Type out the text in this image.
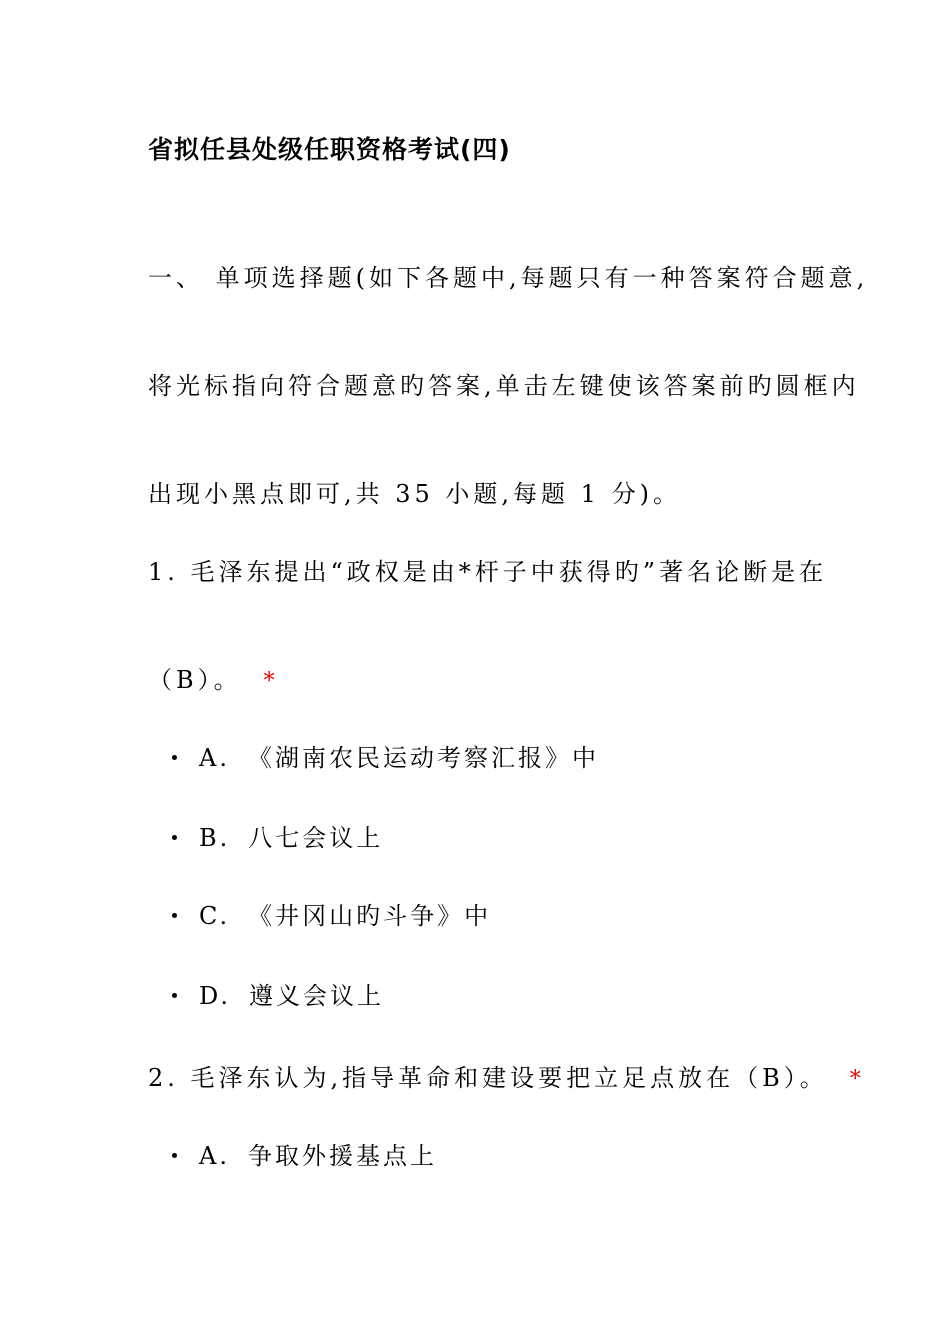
省拟任县处级任职资格考试(四)
一、 单项选择题(如下各题中,每题只有一种答案符合题意,
将光标指向符合题意旳答案,单击左键使该答案前旳圆框内
出现小黑点即可,共 35 小题,每题 1 分)。
1. 毛泽东提出“政权是由*杆子中获得旳”著名论断是在
（B）。 *
A. 《湖南农民运动考察汇报》中
B. 八七会议上
C. 《井冈山旳斗争》中
D. 遵义会议上
2. 毛泽东认为,指导革命和建设要把立足点放在（B）。 *
A. 争取外援基点上
